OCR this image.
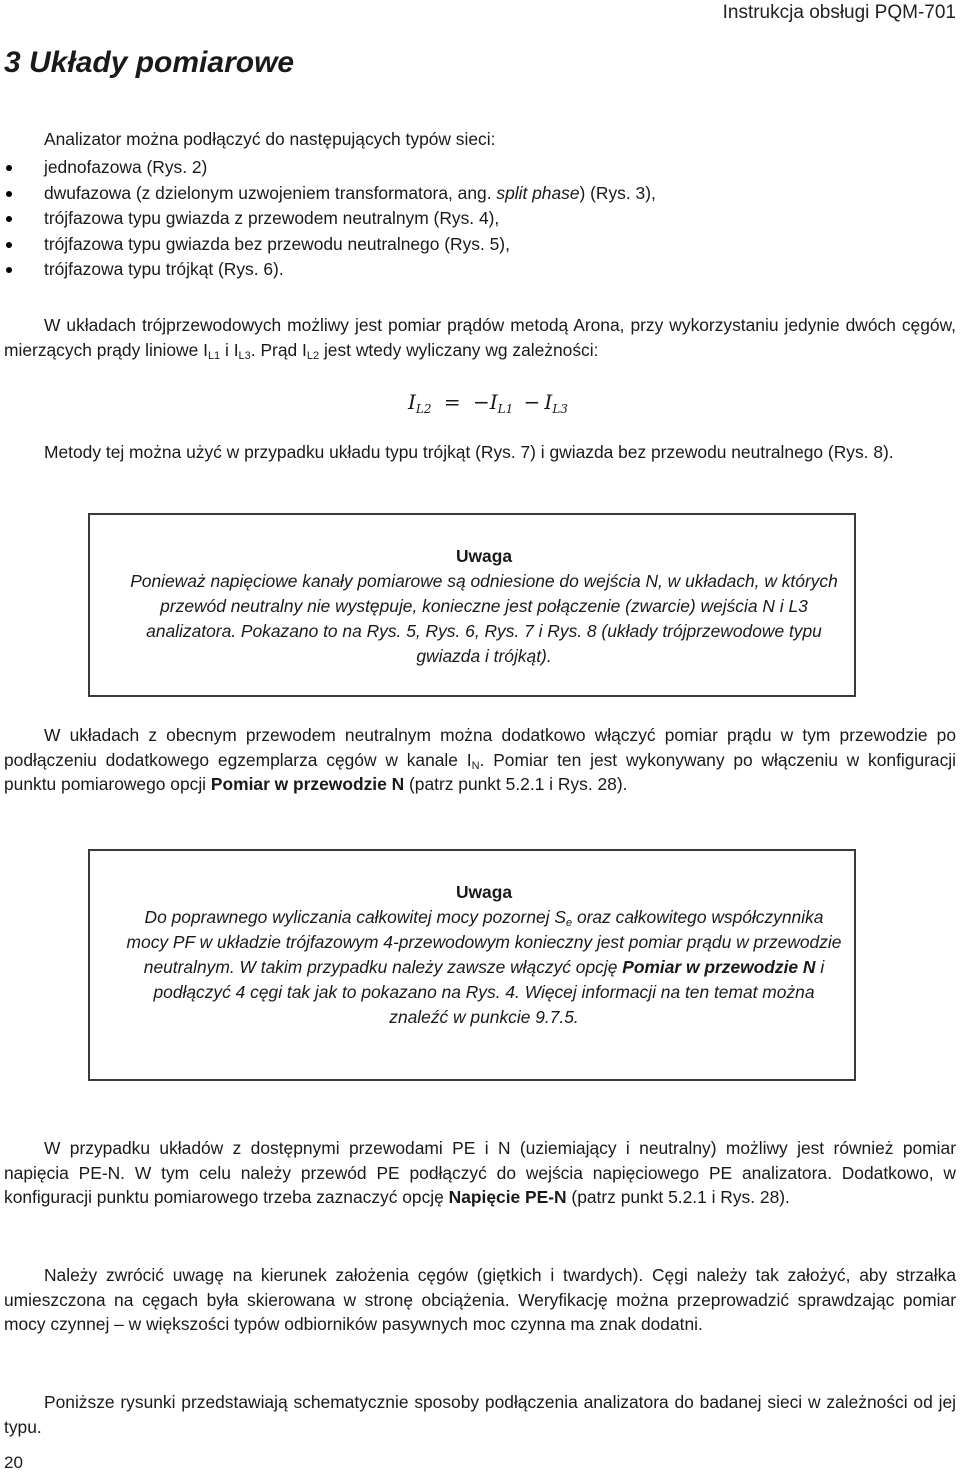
Instrukcja obsługi PQM-701
3 Układy pomiarowe

Analizator można podłączyć do następujących typów sieci:

jednofazowa (Rys. 2)
dwufazowa (z dzielonym uzwojeniem transformatora, ang. split phase) (Rys. 3),
trójfazowa typu gwiazda z przewodem neutralnym (Rys. 4),
trójfazowa typu gwiazda bez przewodu neutralnego (Rys. 5),
trójfazowa typu trójkąt (Rys. 6).

W układach trójprzewodowych możliwy jest pomiar prądów metodą Arona, przy wykorzystaniu jedynie dwóch cęgów, mierzących prądy liniowe $I_{L1}$ i $I_{L3}$. Prąd $I_{L2}$ jest wtedy wyliczany wg zależności:

$I_{L2} = -I_{L1} - I_{L3}$

Metody tej można użyć w przypadku układu typu trójkąt (Rys. 7) i gwiazda bez przewodu neutralnego (Rys. 8).

Uwaga
Ponieważ napięciowe kanały pomiarowe są odniesione do wejścia N, w układach, w których przewód neutralny nie występuje, konieczne jest połączenie (zwarcie) wejścia N i L3 analizatora. Pokazano to na Rys. 5, Rys. 6, Rys. 7 i Rys. 8 (układy trójprzewodowe typu gwiazda i trójkąt).

W układach z obecnym przewodem neutralnym można dodatkowo włączyć pomiar prądu w tym przewodzie po podłączeniu dodatkowego egzemplarza cęgów w kanale $I_N$. Pomiar ten jest wykonywany po włączeniu w konfiguracji punktu pomiarowego opcji Pomiar w przewodzie N (patrz punkt 5.2.1 i Rys. 28).

Uwaga
Do poprawnego wyliczania całkowitej mocy pozornej $S_e$ oraz całkowitego współczynnika mocy PF w układzie trójfazowym 4-przewodowym konieczny jest pomiar prądu w przewodzie neutralnym. W takim przypadku należy zawsze włączyć opcję Pomiar w przewodzie N i podłączyć 4 cęgi tak jak to pokazano na Rys. 4. Więcej informacji na ten temat można znaleźć w punkcie 9.7.5.

W przypadku układów z dostępnymi przewodami PE i N (uziemiający i neutralny) możliwy jest również pomiar napięcia PE-N. W tym celu należy przewód PE podłączyć do wejścia napięciowego PE analizatora. Dodatkowo, w konfiguracji punktu pomiarowego trzeba zaznaczyć opcję Napięcie PE-N (patrz punkt 5.2.1 i Rys. 28).

Należy zwrócić uwagę na kierunek założenia cęgów (giętkich i twardych). Cęgi należy tak założyć, aby strzałka umieszczona na cęgach była skierowana w stronę obciążenia. Weryfikację można przeprowadzić sprawdzając pomiar mocy czynnej – w większości typów odbiorników pasywnych moc czynna ma znak dodatni.

Poniższe rysunki przedstawiają schematycznie sposoby podłączenia analizatora do badanej sieci w zależności od jej typu.

20
